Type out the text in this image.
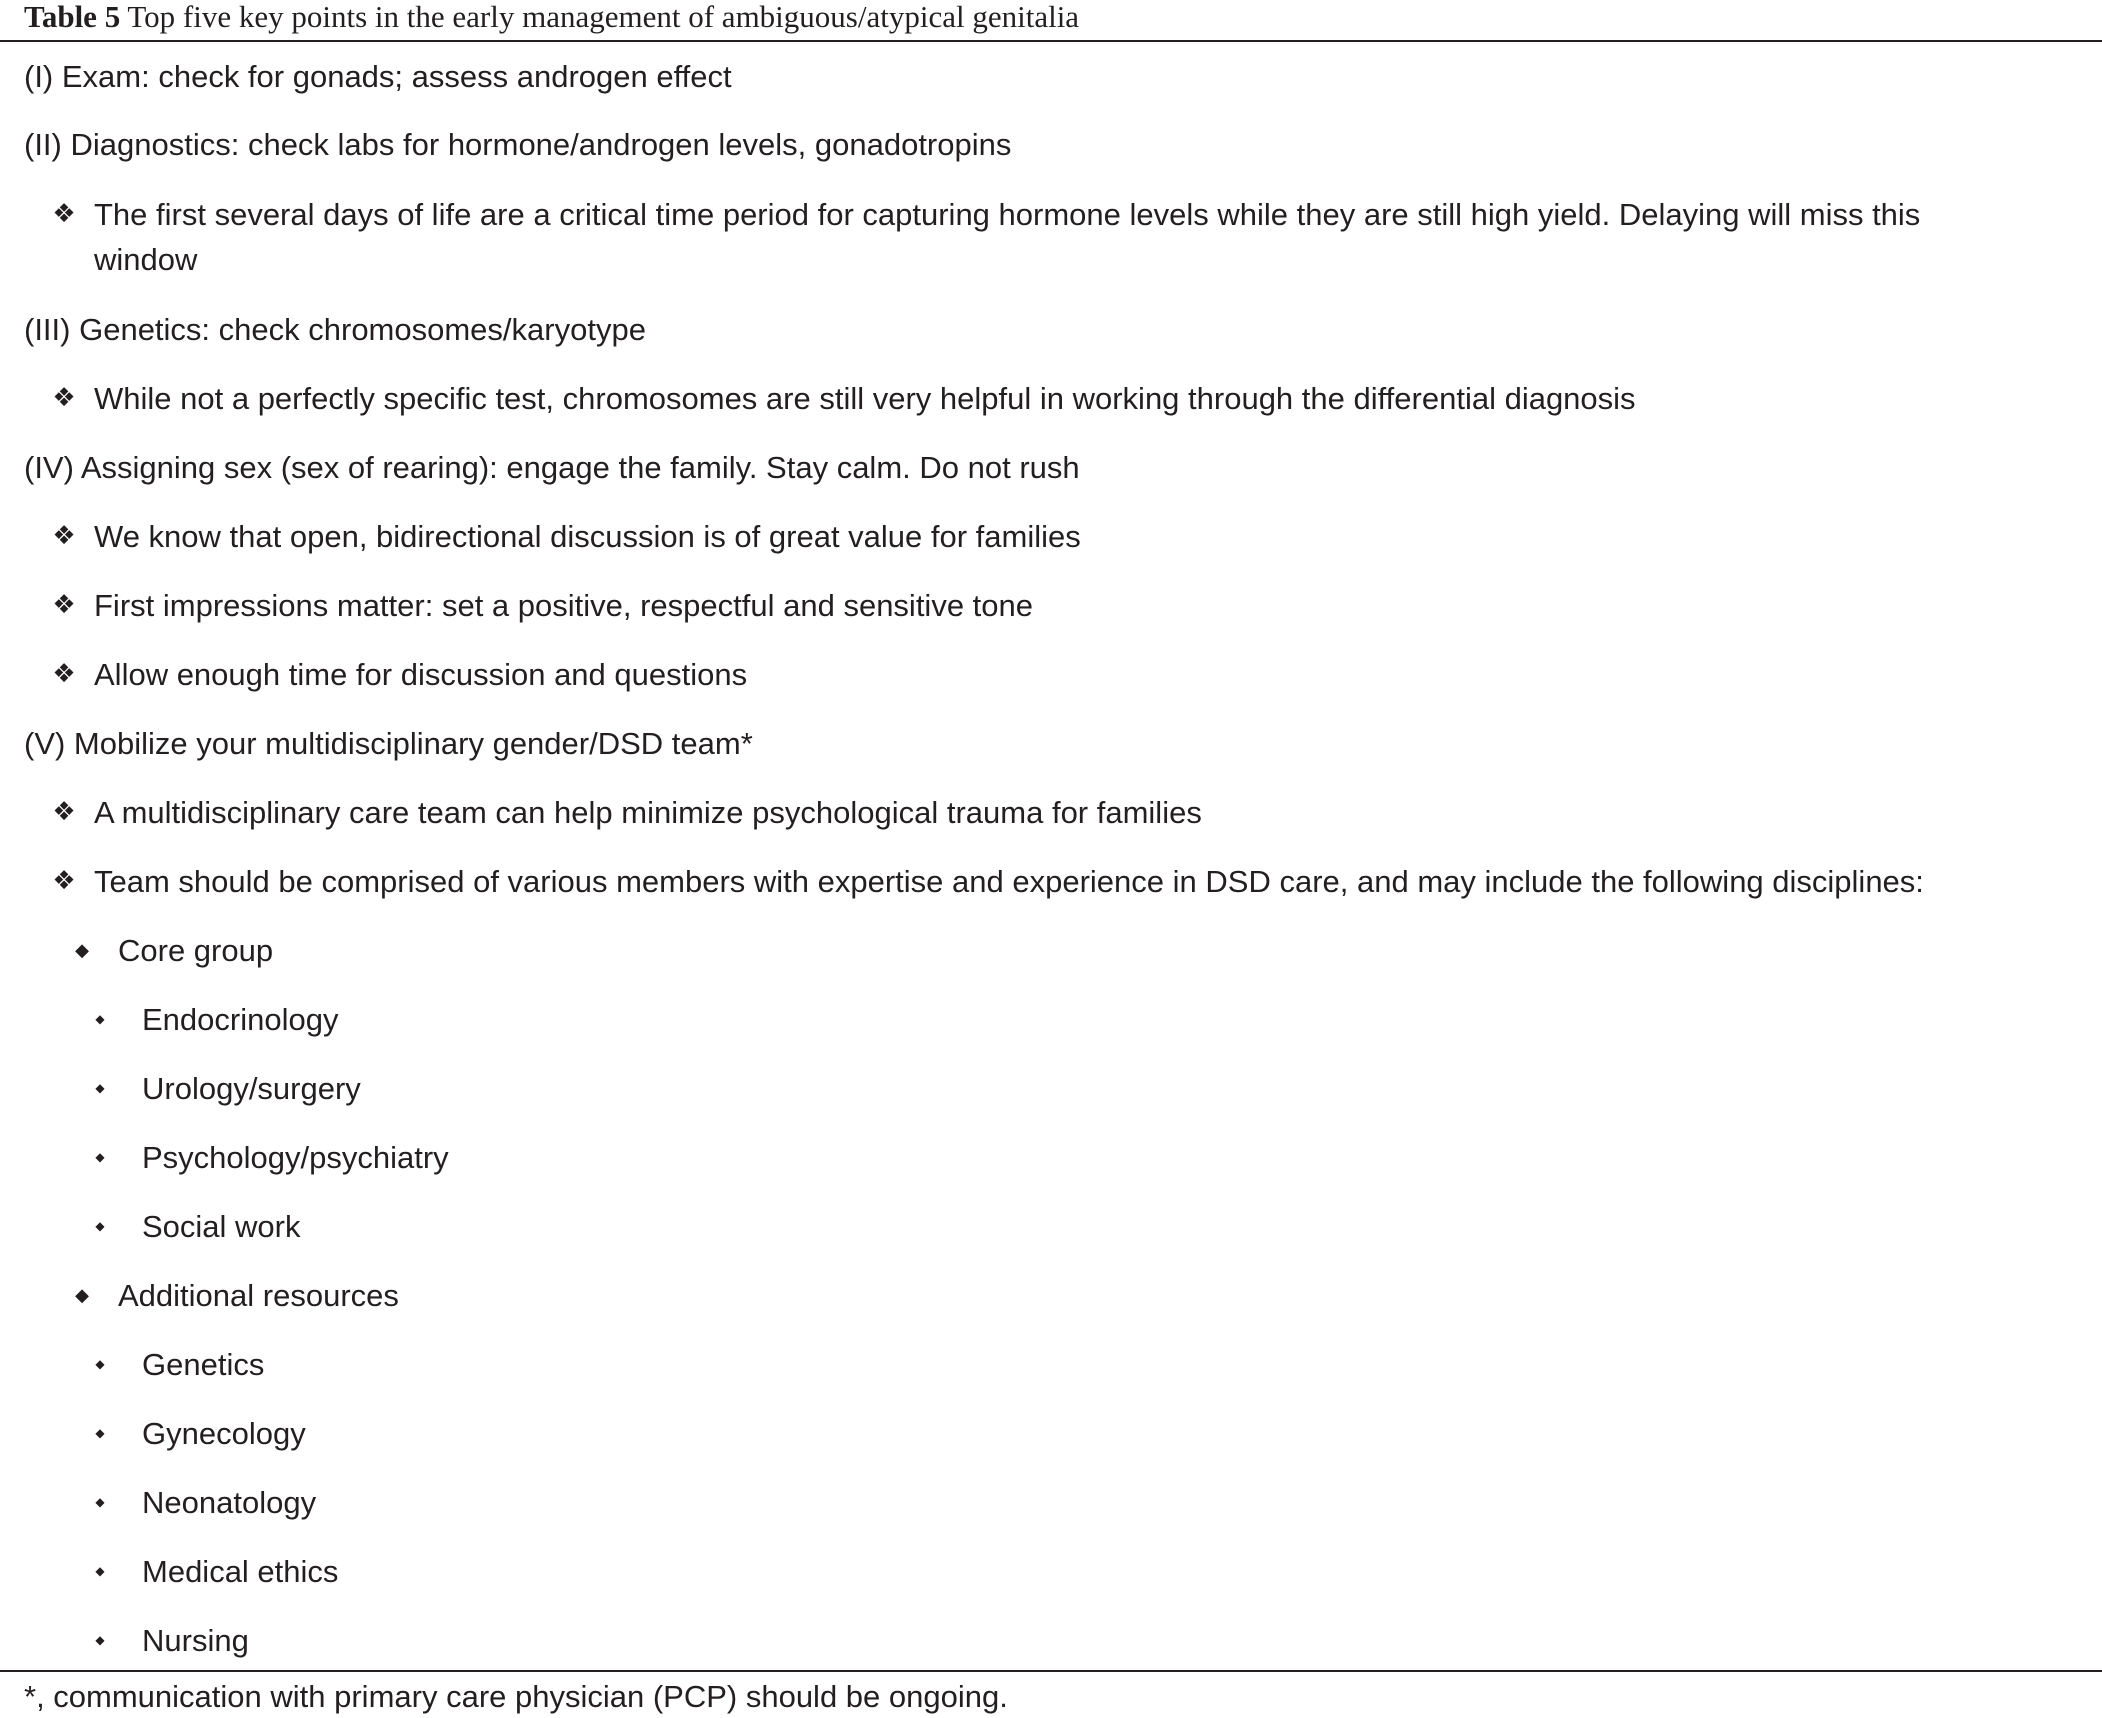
Table 5 Top five key points in the early management of ambiguous/atypical genitalia
(I) Exam: check for gonads; assess androgen effect
(II) Diagnostics: check labs for hormone/androgen levels, gonadotropins
❖ The first several days of life are a critical time period for capturing hormone levels while they are still high yield. Delaying will miss this
window
(III) Genetics: check chromosomes/karyotype
❖ While not a perfectly specific test, chromosomes are still very helpful in working through the differential diagnosis
(IV) Assigning sex (sex of rearing): engage the family. Stay calm. Do not rush
❖ We know that open, bidirectional discussion is of great value for families
❖ First impressions matter: set a positive, respectful and sensitive tone
❖ Allow enough time for discussion and questions
(V) Mobilize your multidisciplinary gender/DSD team*
❖ A multidisciplinary care team can help minimize psychological trauma for families
❖ Team should be comprised of various members with expertise and experience in DSD care, and may include the following disciplines:
◆ Core group
◆ Endocrinology
◆ Urology/surgery
◆ Psychology/psychiatry
◆ Social work
◆ Additional resources
◆ Genetics
◆ Gynecology
◆ Neonatology
◆ Medical ethics
◆ Nursing
*, communication with primary care physician (PCP) should be ongoing.
